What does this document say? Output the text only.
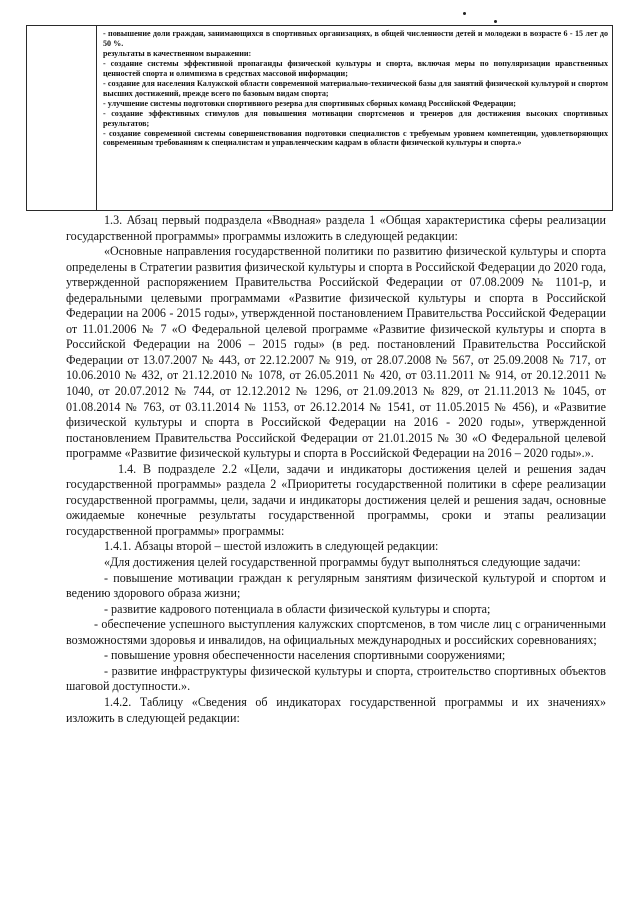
- повышение доли граждан, занимающихся в спортивных организациях, в общей численности детей и молодежи в возрасте 6 - 15 лет до 50 %.

результаты в качественном выражении:

- создание системы эффективной пропаганды физической культуры и спорта, включая меры по популяризации нравственных ценностей спорта и олимпизма в средствах массовой информации;

- создание для населения Калужской области современной материально-технической базы для занятий физической культурой и спортом высших достижений, прежде всего по базовым видам спорта;

- улучшение системы подготовки спортивного резерва для спортивных сборных команд Российской Федерации;

- создание эффективных стимулов для повышения мотивации спортсменов и тренеров для достижения высоких спортивных результатов;

- создание современной системы совершенствования подготовки специалистов с требуемым уровнем компетенции, удовлетворяющих современным требованиям к специалистам и управленческим кадрам в области физической культуры и спорта.»

1.3. Абзац первый подраздела «Вводная» раздела 1 «Общая характеристика сферы реализации государственной программы» программы изложить в следующей редакции:

«Основные направления государственной политики по развитию физической культуры и спорта определены в Стратегии развития физической культуры и спорта в Российской Федерации до 2020 года, утвержденной распоряжением Правительства Российской Федерации от 07.08.2009 № 1101-р, и федеральными целевыми программами «Развитие физической культуры и спорта в Российской Федерации на 2006 - 2015 годы», утвержденной постановлением Правительства Российской Федерации от 11.01.2006 № 7 «О Федеральной целевой программе «Развитие физической культуры и спорта в Российской Федерации на 2006 – 2015 годы» (в ред. постановлений Правительства Российской Федерации от 13.07.2007 № 443, от 22.12.2007 № 919, от 28.07.2008 № 567, от 25.09.2008 № 717, от 10.06.2010 № 432, от 21.12.2010 № 1078, от 26.05.2011 № 420, от 03.11.2011 № 914, от 20.12.2011 № 1040, от 20.07.2012 № 744, от 12.12.2012 № 1296, от 21.09.2013 № 829, от 21.11.2013 № 1045, от 01.08.2014 № 763, от 03.11.2014 № 1153, от 26.12.2014 № 1541, от 11.05.2015 № 456), и «Развитие физической культуры и спорта в Российской Федерации на 2016 - 2020 годы», утвержденной постановлением Правительства Российской Федерации от 21.01.2015 № 30 «О Федеральной целевой программе «Развитие физической культуры и спорта в Российской Федерации на 2016 – 2020 годы».».

1.4. В подразделе 2.2 «Цели, задачи и индикаторы достижения целей и решения задач государственной программы» раздела 2 «Приоритеты государственной политики в сфере реализации государственной программы, цели, задачи и индикаторы достижения целей и решения задач, основные ожидаемые конечные результаты государственной программы, сроки и этапы реализации государственной программы» программы:

1.4.1. Абзацы второй – шестой изложить в следующей редакции:

«Для достижения целей государственной программы будут выполняться следующие задачи:

- повышение мотивации граждан к регулярным занятиям физической культурой и спортом и ведению здорового образа жизни;

- развитие кадрового потенциала в области физической культуры и спорта;

- обеспечение успешного выступления калужских спортсменов, в том числе лиц с ограниченными возможностями здоровья и инвалидов, на официальных международных и российских соревнованиях;

- повышение уровня обеспеченности населения спортивными сооружениями;

- развитие инфраструктуры физической культуры и спорта, строительство спортивных объектов шаговой доступности.».

1.4.2. Таблицу «Сведения об индикаторах государственной программы и их значениях» изложить в следующей редакции:
